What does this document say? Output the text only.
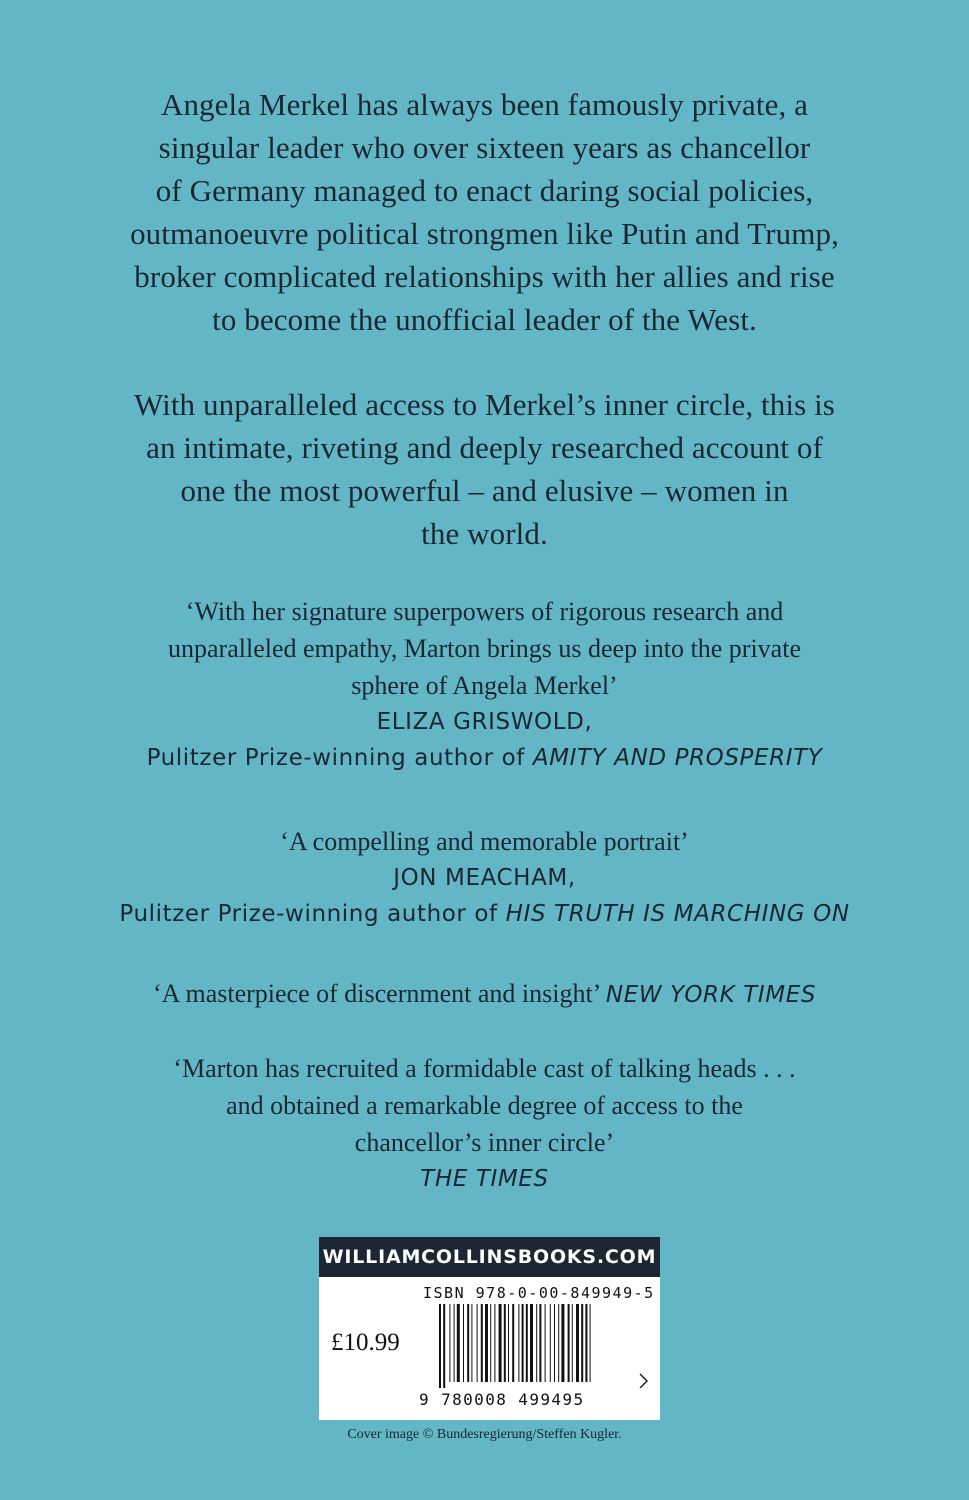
Angela Merkel has always been famously private, a

singular leader who over sixteen years as chancellor

of Germany managed to enact daring social policies,

outmanoeuvre political strongmen like Putin and Trump,

broker complicated relationships with her allies and rise

to become the unofficial leader of the West.

With unparalleled access to Merkel’s inner circle, this is

an intimate, riveting and deeply researched account of

one the most powerful – and elusive – women in

the world.

‘With her signature superpowers of rigorous research and

unparalleled empathy, Marton brings us deep into the private

sphere of Angela Merkel’

ELIZA GRISWOLD,

Pulitzer Prize-winning author of AMITY AND PROSPERITY

‘A compelling and memorable portrait’

JON MEACHAM,

Pulitzer Prize-winning author of HIS TRUTH IS MARCHING ON

‘A masterpiece of discernment and insight’ NEW YORK TIMES

‘Marton has recruited a formidable cast of talking heads . . .

and obtained a remarkable degree of access to the

chancellor’s inner circle’

THE TIMES

WILLIAMCOLLINSBOOKS.COM
ISBN 978-0-00-849949-5
£10.99
9 780008 499495
Cover image © Bundesregierung/Steffen Kugler.
